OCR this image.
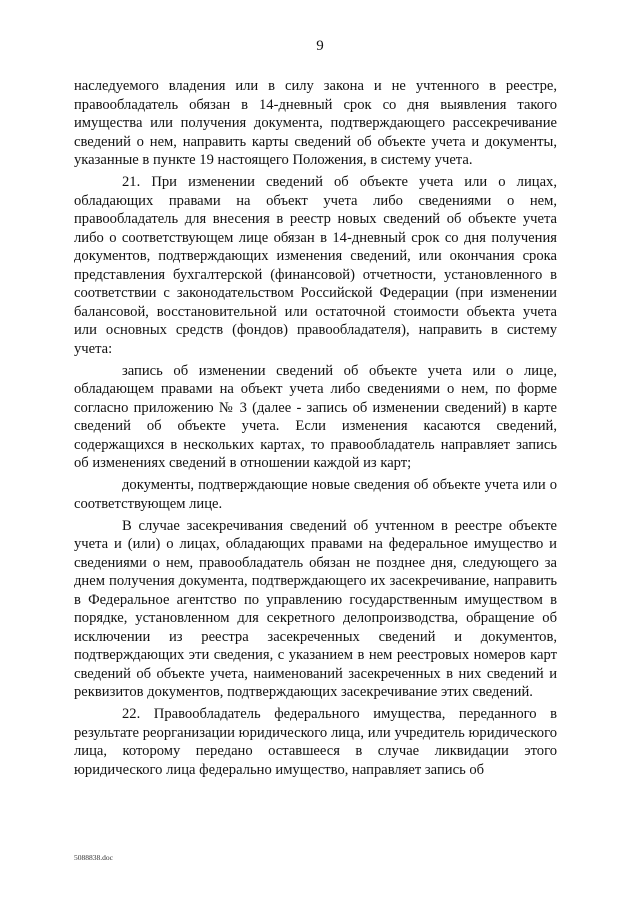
9

наследуемого владения или в силу закона и не учтенного в реестре, правообладатель обязан в 14-дневный срок со дня выявления такого имущества или получения документа, подтверждающего рассекречивание сведений о нем, направить карты сведений об объекте учета и документы, указанные в пункте 19 настоящего Положения, в систему учета.

21. При изменении сведений об объекте учета или о лицах, обладающих правами на объект учета либо сведениями о нем, правообладатель для внесения в реестр новых сведений об объекте учета либо о соответствующем лице обязан в 14-дневный срок со дня получения документов, подтверждающих изменения сведений, или окончания срока представления бухгалтерской (финансовой) отчетности, установленного в соответствии с законодательством Российской Федерации (при изменении балансовой, восстановительной или остаточной стоимости объекта учета или основных средств (фондов) правообладателя), направить в систему учета:

запись об изменении сведений об объекте учета или о лице, обладающем правами на объект учета либо сведениями о нем, по форме согласно приложению № 3 (далее - запись об изменении сведений) в карте сведений об объекте учета. Если изменения касаются сведений, содержащихся в нескольких картах, то правообладатель направляет запись об изменениях сведений в отношении каждой из карт;

документы, подтверждающие новые сведения об объекте учета или о соответствующем лице.

В случае засекречивания сведений об учтенном в реестре объекте учета и (или) о лицах, обладающих правами на федеральное имущество и сведениями о нем, правообладатель обязан не позднее дня, следующего за днем получения документа, подтверждающего их засекречивание, направить в Федеральное агентство по управлению государственным имуществом в порядке, установленном для секретного делопроизводства, обращение об исключении из реестра засекреченных сведений и документов, подтверждающих эти сведения, с указанием в нем реестровых номеров карт сведений об объекте учета, наименований засекреченных в них сведений и реквизитов документов, подтверждающих засекречивание этих сведений.

22. Правообладатель федерального имущества, переданного в результате реорганизации юридического лица, или учредитель юридического лица, которому передано оставшееся в случае ликвидации этого юридического лица федерально имущество, направляет запись об

5088838.doc
